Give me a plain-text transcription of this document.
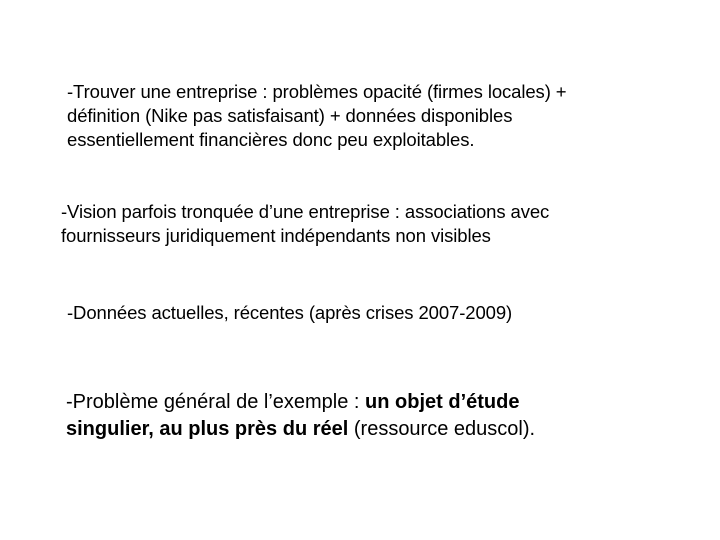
-Trouver une entreprise : problèmes opacité (firmes locales) +
définition (Nike pas satisfaisant) + données disponibles
essentiellement financières donc peu exploitables.
-Vision parfois tronquée d’une entreprise : associations avec
fournisseurs juridiquement indépendants non visibles
-Données actuelles, récentes (après crises 2007-2009)
-Problème général de l’exemple : un objet d’étude
singulier, au plus près du réel (ressource eduscol).
